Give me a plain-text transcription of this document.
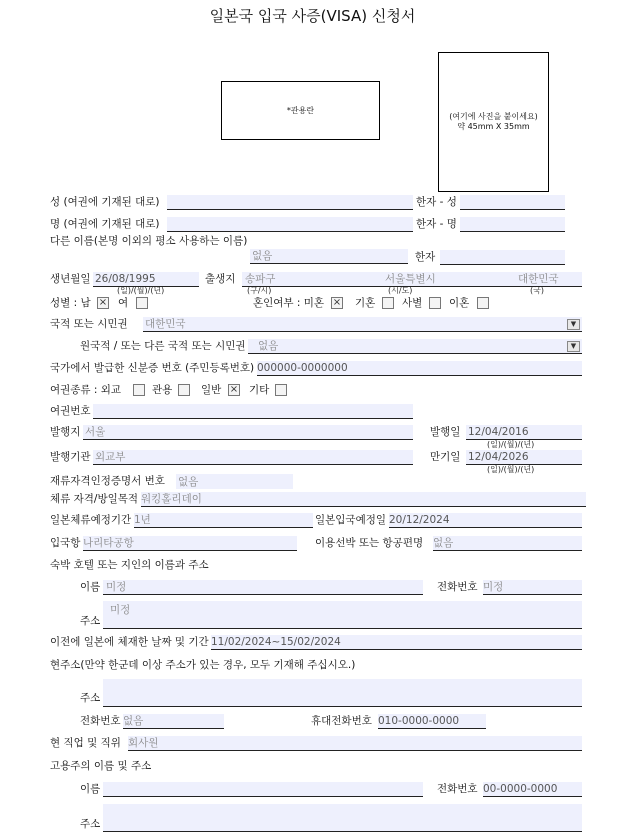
일본국 입국 사증(VISA) 신청서
*관용란
(여기에 사진을 붙이세요)
약 45mm X 35mm
성 (여권에 기재된 대로)	한자 - 성
명 (여권에 기재된 대로)	한자 - 명
다른 이름(본명 이외의 평소 사용하는 이름)
없음	한자
생년월일 26/08/1995
(일)/(월)/(년)
출생지 송파구	서울특별시	대한민국
(구/시)	(시/도)	(국)
성별 : 남 × 여	혼인여부 : 미혼 × 기혼	사별	이혼
국적 또는 시민권 대한민국	▼
원국적 / 또는 다른 국적 또는 시민권 없음	▼
국가에서 발급한 신분증 번호 (주민등록번호) 000000-0000000
여권종류 : 외교	관용	일반 × 기타
여권번호
발행지 서울	발행일 12/04/2016
(일)/(월)/(년)
발행기관 외교부	만기일 12/04/2026
(일)/(월)/(년)
재류자격인정증명서 번호 없음
체류 자격/방일목적 워킹홀리데이
일본체류예정기간 1년	일본입국예정일 20/12/2024
입국항 나리타공항	이용선박 또는 항공편명 없음
숙박 호텔 또는 지인의 이름과 주소
이름 미정	전화번호 미정
주소
미정
이전에 일본에 체재한 날짜 및 기간 11/02/2024~15/02/2024
현주소(만약 한군데 이상 주소가 있는 경우, 모두 기재해 주십시오.)
주소
전화번호 없음	휴대전화번호 010-0000-0000
현 직업 및 직위 회사원
고용주의 이름 및 주소
이름	전화번호 00-0000-0000
주소
